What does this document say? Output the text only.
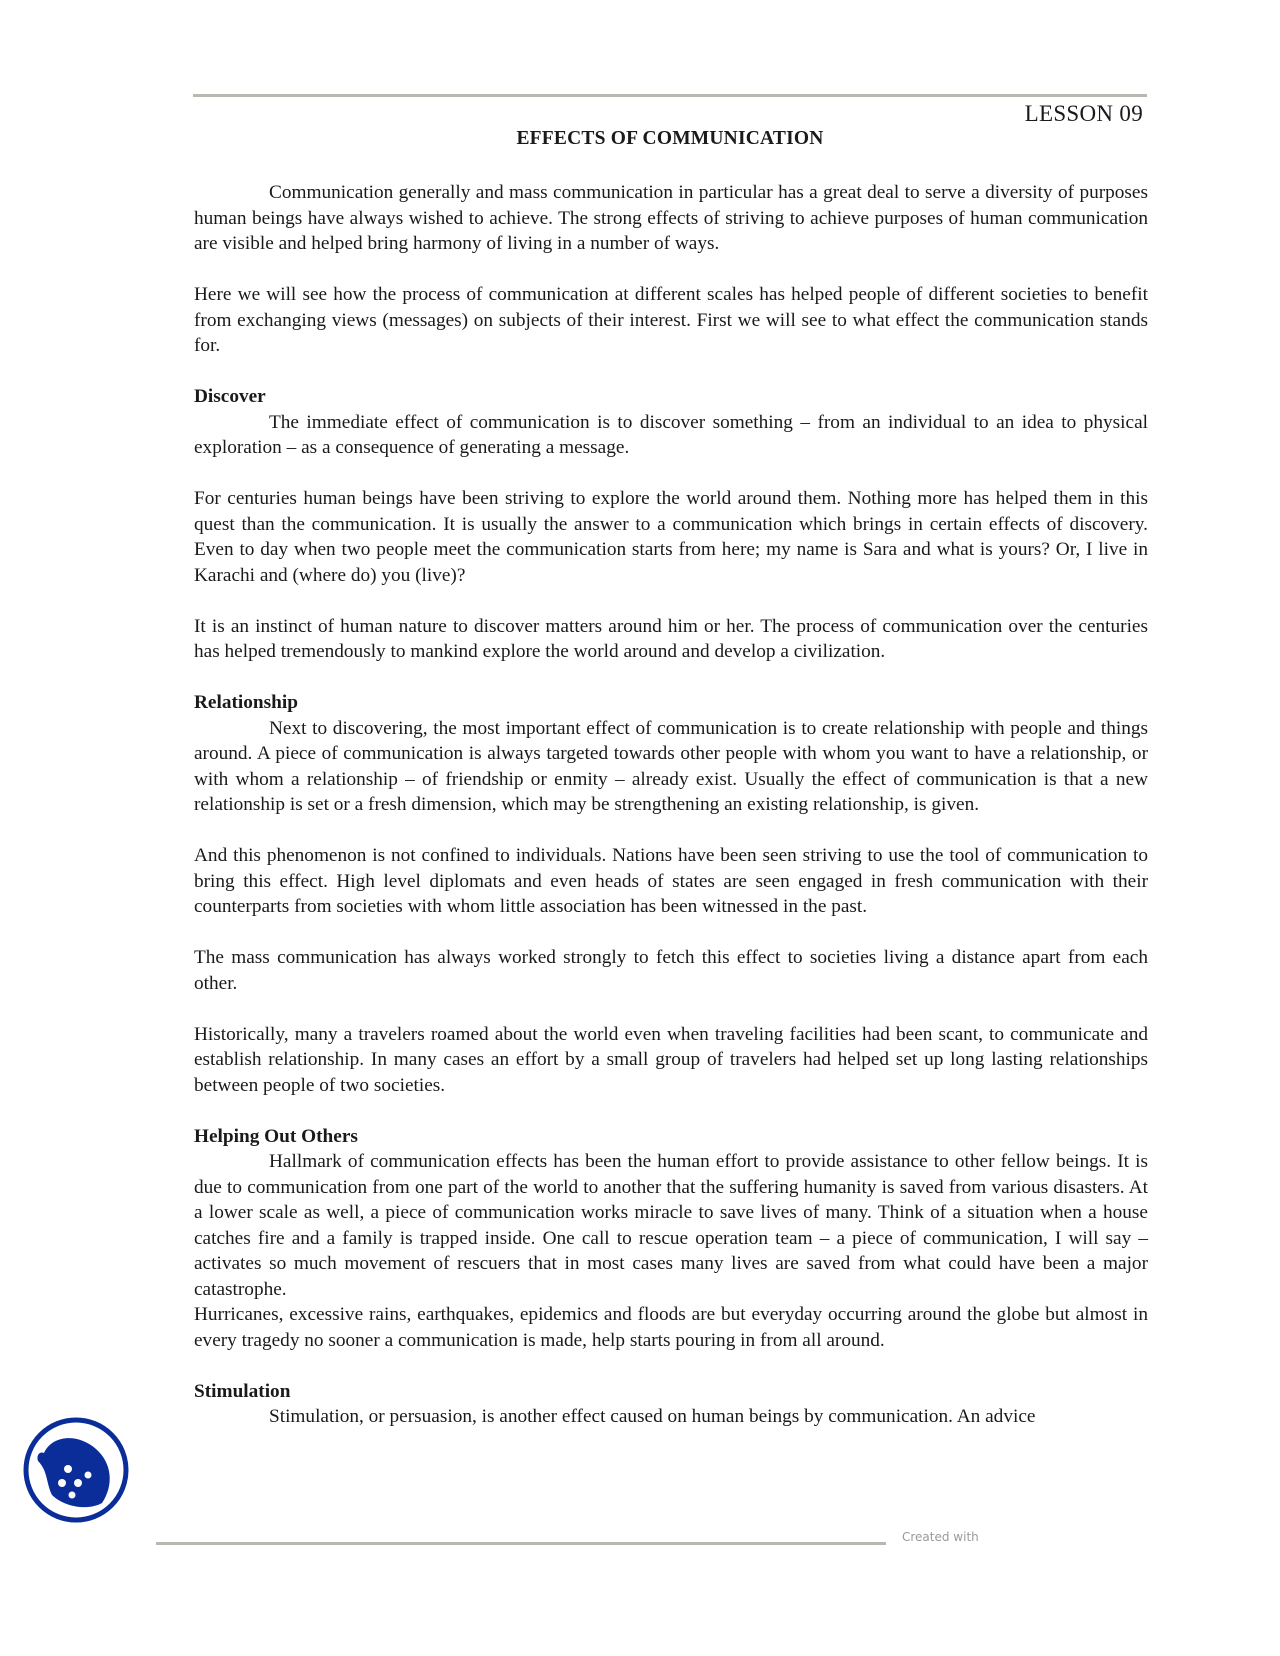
LESSON 09
EFFECTS OF COMMUNICATION

Communication generally and mass communication in particular has a great deal to serve a diversity of purposes human beings have always wished to achieve. The strong effects of striving to achieve purposes of human communication are visible and helped bring harmony of living in a number of ways.

Here we will see how the process of communication at different scales has helped people of different societies to benefit from exchanging views (messages) on subjects of their interest. First we will see to what effect the communication stands for.

Discover

The immediate effect of communication is to discover something – from an individual to an idea to physical exploration – as a consequence of generating a message.

For centuries human beings have been striving to explore the world around them. Nothing more has helped them in this quest than the communication. It is usually the answer to a communication which brings in certain effects of discovery. Even to day when two people meet the communication starts from here; my name is Sara and what is yours? Or, I live in Karachi and (where do) you (live)?

It is an instinct of human nature to discover matters around him or her. The process of communication over the centuries has helped tremendously to mankind explore the world around and develop a civilization.

Relationship

Next to discovering, the most important effect of communication is to create relationship with people and things around. A piece of communication is always targeted towards other people with whom you want to have a relationship, or with whom a relationship – of friendship or enmity – already exist. Usually the effect of communication is that a new relationship is set or a fresh dimension, which may be strengthening an existing relationship, is given.

And this phenomenon is not confined to individuals. Nations have been seen striving to use the tool of communication to bring this effect. High level diplomats and even heads of states are seen engaged in fresh communication with their counterparts from societies with whom little association has been witnessed in the past.

The mass communication has always worked strongly to fetch this effect to societies living a distance apart from each other.

Historically, many a travelers roamed about the world even when traveling facilities had been scant, to communicate and establish relationship. In many cases an effort by a small group of travelers had helped set up long lasting relationships between people of two societies.

Helping Out Others

Hallmark of communication effects has been the human effort to provide assistance to other fellow beings. It is due to communication from one part of the world to another that the suffering humanity is saved from various disasters. At a lower scale as well, a piece of communication works miracle to save lives of many. Think of a situation when a house catches fire and a family is trapped inside. One call to rescue operation team – a piece of communication, I will say – activates so much movement of rescuers that in most cases many lives are saved from what could have been a major catastrophe.

Hurricanes, excessive rains, earthquakes, epidemics and floods are but everyday occurring around the globe but almost in every tragedy no sooner a communication is made, help starts pouring in from all around.

Stimulation

Stimulation, or persuasion, is another effect caused on human beings by communication. An advice

Created with
